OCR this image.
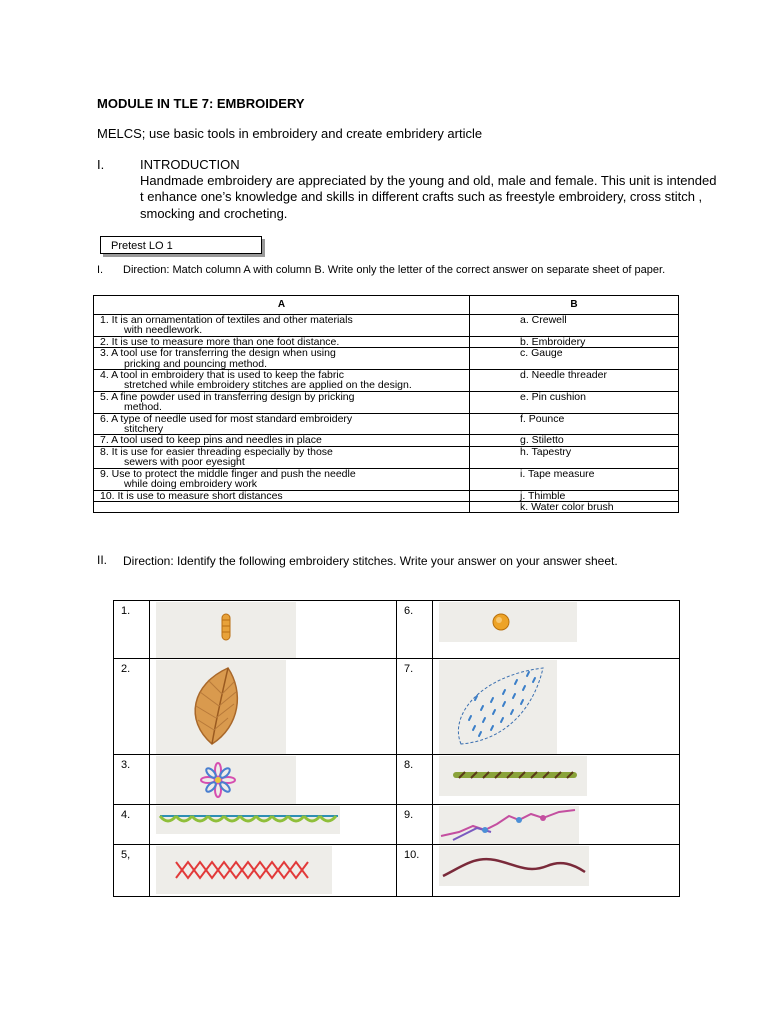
MODULE IN TLE 7: EMBROIDERY
MELCS; use basic tools in embroidery and create embridery article
I.	INTRODUCTION
Handmade embroidery are appreciated by the young and old, male and female. This unit is intended t enhance one’s knowledge and skills in different crafts such as freestyle embroidery, cross stitch , smocking and crocheting.
Pretest LO 1
I. Direction: Match column A with column B. Write only the letter of the correct answer on separate sheet of paper.
A	B

1. It is an ornamentation of textiles and other materials
with needlework.	a. Crewell

2. It is use to measure more than one foot distance.	b. Embroidery

3. A tool use for transferring the design when using
pricking and pouncing method.	c. Gauge

4. A tool in embroidery that is used to keep the fabric
stretched while embroidery stitches are applied on the design.	d. Needle threader

5. A fine powder used in transferring design by pricking
method.	e. Pin cushion

6. A type of needle used for most standard embroidery
stitchery	f. Pounce

7. A tool used to keep pins and needles in place	g. Stiletto

8. It is use for easier threading especially by those
sewers with poor eyesight	h. Tapestry

9. Use to protect the middle finger and push the needle
while doing embroidery work	i. Tape measure

10. It is use to measure short distances	j. Thimble

	k. Water color brush
II. Direction: Identify the following embroidery stitches. Write your answer on your answer sheet.
1.		6.	

2.		7.	

3.		8.	

4.		9.	

5,		10.	
